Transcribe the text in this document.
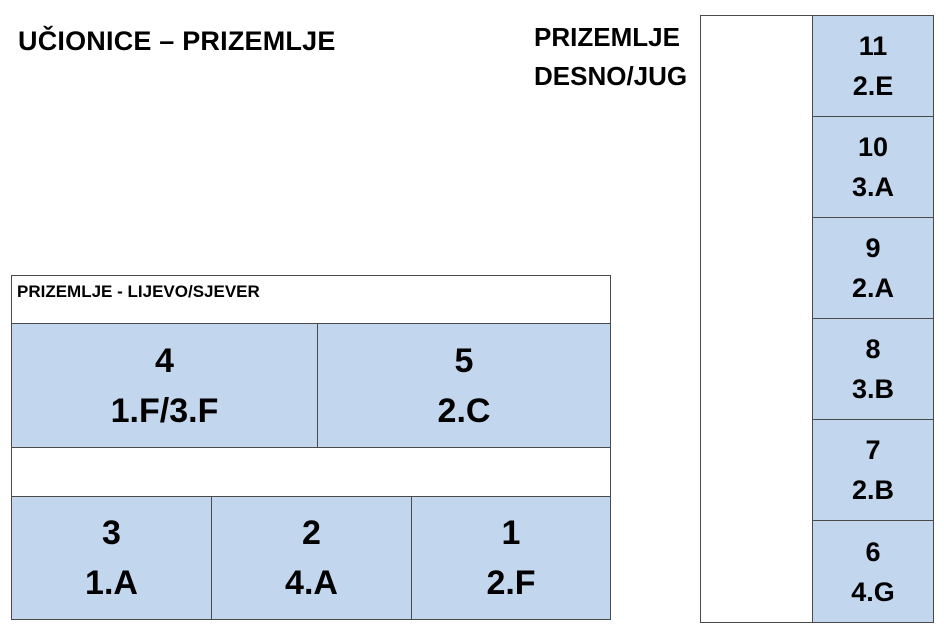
UČIONICE – PRIZEMLJE	PRIZEMLJE
DESNO/JUG
PRIZEMLJE - LIJEVO/SJEVER
4
1.F/3.F
5
2.C
3
1.A
2
4.A
1
2.F
11
2.E
10
3.A
9
2.A
8
3.B
7
2.B
6
4.G
